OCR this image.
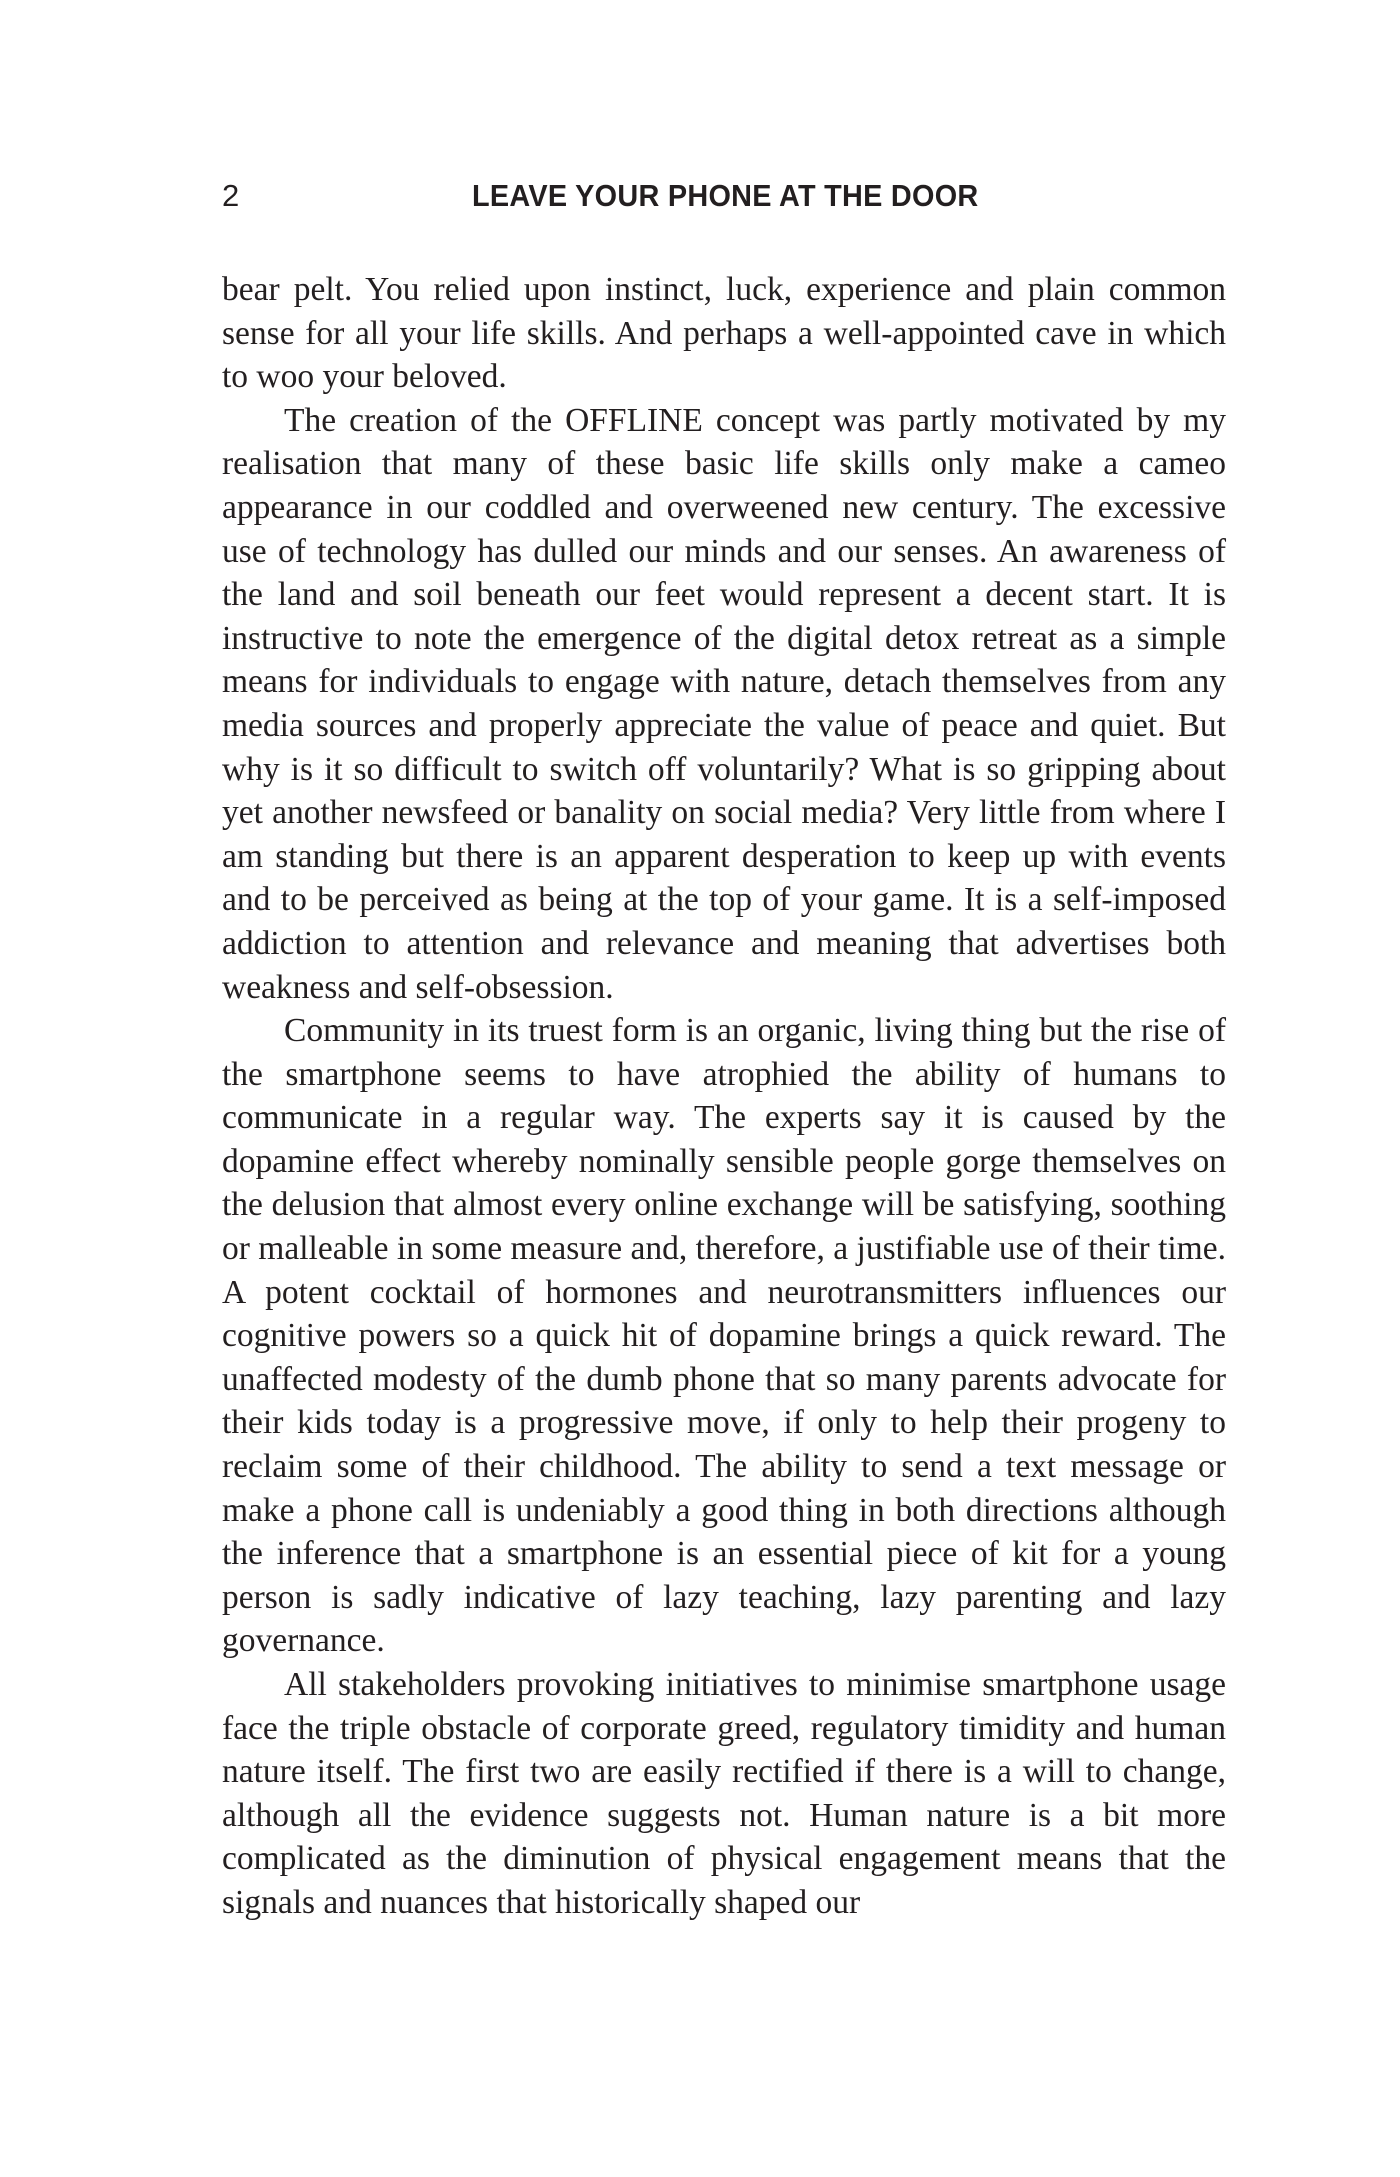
2	LEAVE YOUR PHONE AT THE DOOR

bear pelt. You relied upon instinct, luck, experience and plain common sense for all your life skills. And perhaps a well-appointed cave in which to woo your beloved.

The creation of the OFFLINE concept was partly motivated by my realisation that many of these basic life skills only make a cameo appearance in our coddled and overweened new century. The excessive use of technology has dulled our minds and our senses. An awareness of the land and soil beneath our feet would represent a decent start. It is instructive to note the emergence of the digital detox retreat as a simple means for individuals to engage with nature, detach themselves from any media sources and properly appreciate the value of peace and quiet. But why is it so difficult to switch off voluntarily? What is so gripping about yet another newsfeed or banality on social media? Very little from where I am standing but there is an apparent desperation to keep up with events and to be perceived as being at the top of your game. It is a self-imposed addiction to attention and relevance and meaning that advertises both weakness and self-obsession.

Community in its truest form is an organic, living thing but the rise of the smartphone seems to have atrophied the ability of humans to communicate in a regular way. The experts say it is caused by the dopamine effect whereby nominally sensible people gorge themselves on the delusion that almost every online exchange will be satisfying, soothing or malleable in some measure and, therefore, a justifiable use of their time. A potent cocktail of hormones and neurotransmitters influences our cognitive powers so a quick hit of dopamine brings a quick reward. The unaffected modesty of the dumb phone that so many parents advocate for their kids today is a progressive move, if only to help their progeny to reclaim some of their childhood. The ability to send a text message or make a phone call is undeniably a good thing in both directions although the inference that a smartphone is an essential piece of kit for a young person is sadly indicative of lazy teaching, lazy parenting and lazy governance.

All stakeholders provoking initiatives to minimise smartphone usage face the triple obstacle of corporate greed, regulatory timidity and human nature itself. The first two are easily rectified if there is a will to change, although all the evidence suggests not. Human nature is a bit more complicated as the diminution of physical engagement means that the signals and nuances that historically shaped our
